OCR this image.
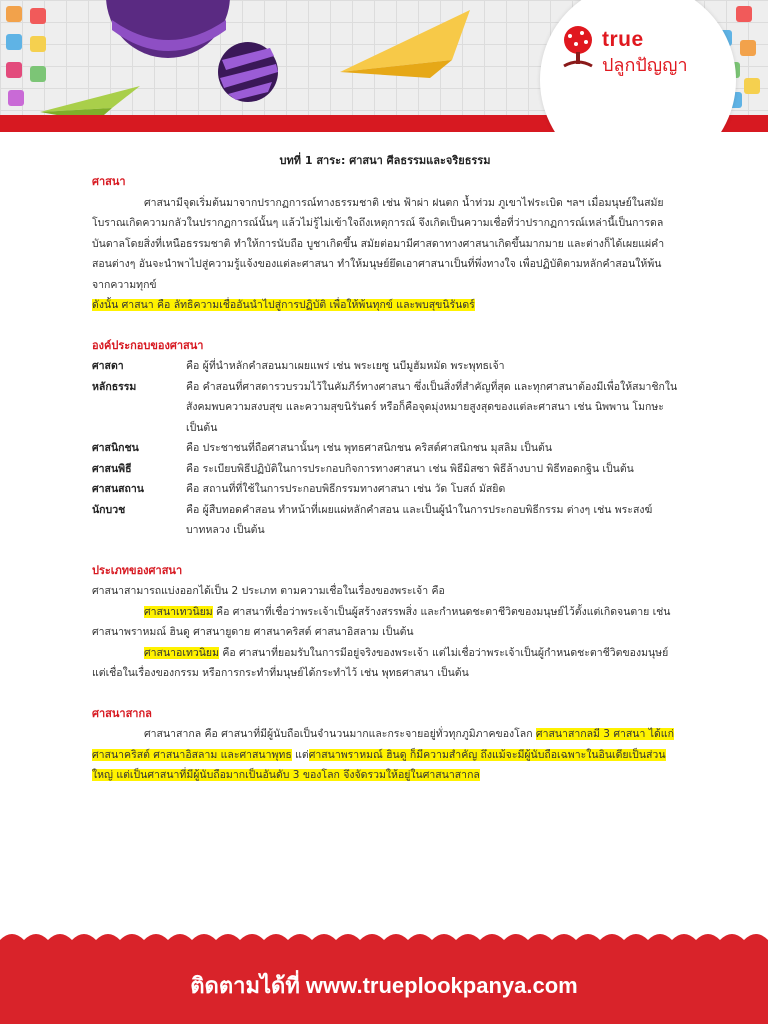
true
ปลูกปัญญา

บทที่ 1 สาระ: ศาสนา ศีลธรรมและจริยธรรม

ศาสนา

ศาสนามีจุดเริ่มต้นมาจากปรากฏการณ์ทางธรรมชาติ เช่น ฟ้าผ่า ฝนตก น้ำท่วม ภูเขาไฟระเบิด ฯลฯ เมื่อมนุษย์ในสมัยโบราณเกิดความกลัวในปรากฏการณ์นั้นๆ แล้วไม่รู้ไม่เข้าใจถึงเหตุการณ์ จึงเกิดเป็นความเชื่อที่ว่าปรากฏการณ์เหล่านี้เป็นการดลบันดาลโดยสิ่งที่เหนือธรรมชาติ ทำให้การนับถือ บูชาเกิดขึ้น สมัยต่อมามีศาสดาทางศาสนาเกิดขึ้นมากมาย และต่างก็ได้เผยแผ่คำสอนต่างๆ อันจะนำพาไปสู่ความรู้แจ้งของแต่ละศาสนา ทำให้มนุษย์ยึดเอาศาสนาเป็นที่พึ่งทางใจ เพื่อปฏิบัติตามหลักคำสอนให้พ้นจากความทุกข์

ดังนั้น ศาสนา คือ ลัทธิความเชื่ออันนำไปสู่การปฏิบัติ เพื่อให้พ้นทุกข์ และพบสุขนิรันดร์

องค์ประกอบของศาสนา

ศาสดา	คือ ผู้ที่นำหลักคำสอนมาเผยแพร่ เช่น พระเยซู นบีมูฮัมหมัด พระพุทธเจ้า
หลักธรรม	คือ คำสอนที่ศาสดารวบรวมไว้ในคัมภีร์ทางศาสนา ซึ่งเป็นสิ่งที่สำคัญที่สุด และทุกศาสนาต้องมีเพื่อให้สมาชิกในสังคมพบความสงบสุข และความสุขนิรันดร์ หรือก็คือจุดมุ่งหมายสูงสุดของแต่ละศาสนา เช่น นิพพาน โมกษะ เป็นต้น
ศาสนิกชน	คือ ประชาชนที่ถือศาสนานั้นๆ เช่น พุทธศาสนิกชน คริสต์ศาสนิกชน มุสลิม เป็นต้น
ศาสนพิธี	คือ ระเบียบพิธีปฏิบัติในการประกอบกิจการทางศาสนา เช่น พิธีมิสซา พิธีล้างบาป พิธีทอดกฐิน เป็นต้น
ศาสนสถาน	คือ สถานที่ที่ใช้ในการประกอบพิธีกรรมทางศาสนา เช่น วัด โบสถ์ มัสยิด
นักบวช	คือ ผู้สืบทอดคำสอน ทำหน้าที่เผยแผ่หลักคำสอน และเป็นผู้นำในการประกอบพิธีกรรม ต่างๆ เช่น พระสงฆ์ บาทหลวง เป็นต้น

ประเภทของศาสนา

ศาสนาสามารถแบ่งออกได้เป็น 2 ประเภท ตามความเชื่อในเรื่องของพระเจ้า คือ

ศาสนาเทวนิยม คือ ศาสนาที่เชื่อว่าพระเจ้าเป็นผู้สร้างสรรพสิ่ง และกำหนดชะตาชีวิตของมนุษย์ไว้ตั้งแต่เกิดจนตาย เช่น ศาสนาพราหมณ์ ฮินดู ศาสนายูดาย ศาสนาคริสต์ ศาสนาอิสลาม เป็นต้น

ศาสนาอเทวนิยม คือ ศาสนาที่ยอมรับในการมีอยู่จริงของพระเจ้า แต่ไม่เชื่อว่าพระเจ้าเป็นผู้กำหนดชะตาชีวิตของมนุษย์แต่เชื่อในเรื่องของกรรม หรือการกระทำที่มนุษย์ได้กระทำไว้ เช่น พุทธศาสนา เป็นต้น

ศาสนาสากล

ศาสนาสากล คือ ศาสนาที่มีผู้นับถือเป็นจำนวนมากและกระจายอยู่ทั่วทุกภูมิภาคของโลก ศาสนาสากลมี 3 ศาสนา ได้แก่ ศาสนาคริสต์ ศาสนาอิสลาม และศาสนาพุทธ แต่ศาสนาพราหมณ์ ฮินดู ก็มีความสำคัญ ถึงแม้จะมีผู้นับถือเฉพาะในอินเดียเป็นส่วนใหญ่ แต่เป็นศาสนาที่มีผู้นับถือมากเป็นอันดับ 3 ของโลก จึงจัดรวมให้อยู่ในศาสนาสากล

ติดตามได้ที่ www.trueplookpanya.com
